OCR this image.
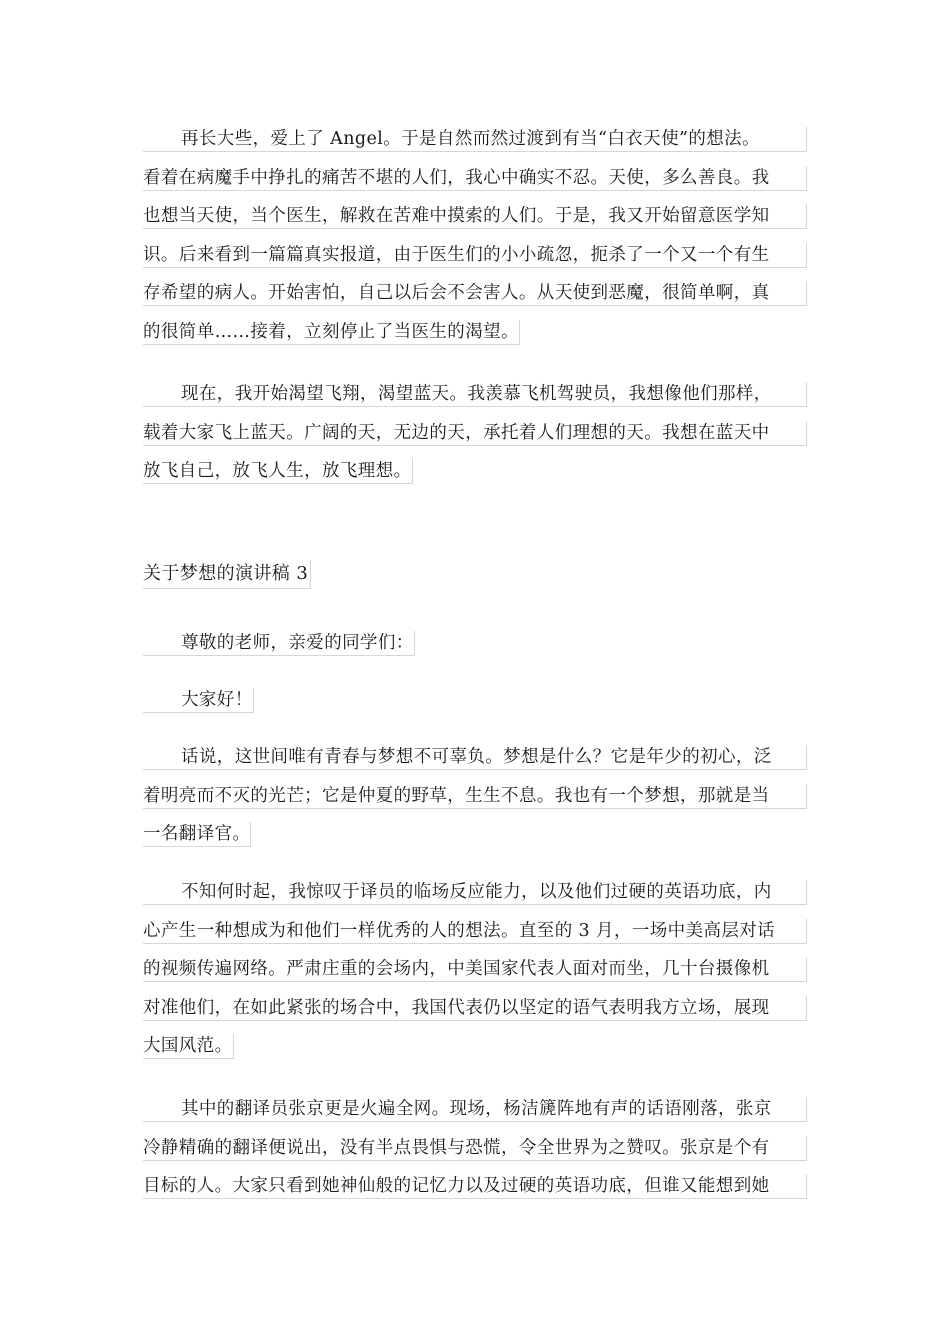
再长大些，爱上了 Angel。于是自然而然过渡到有当“白衣天使”的想法。
看着在病魔手中挣扎的痛苦不堪的人们，我心中确实不忍。天使，多么善良。我
也想当天使，当个医生，解救在苦难中摸索的人们。于是，我又开始留意医学知
识。后来看到一篇篇真实报道，由于医生们的小小疏忽，扼杀了一个又一个有生
存希望的病人。开始害怕，自己以后会不会害人。从天使到恶魔，很简单啊，真
的很简单……接着，立刻停止了当医生的渴望。
现在，我开始渴望飞翔，渴望蓝天。我羡慕飞机驾驶员，我想像他们那样，
载着大家飞上蓝天。广阔的天，无边的天，承托着人们理想的天。我想在蓝天中
放飞自己，放飞人生，放飞理想。
关于梦想的演讲稿 3
尊敬的老师，亲爱的同学们：
大家好！
话说，这世间唯有青春与梦想不可辜负。梦想是什么？它是年少的初心，泛
着明亮而不灭的光芒；它是仲夏的野草，生生不息。我也有一个梦想，那就是当
一名翻译官。
不知何时起，我惊叹于译员的临场反应能力，以及他们过硬的英语功底，内
心产生一种想成为和他们一样优秀的人的想法。直至的 3 月，一场中美高层对话
的视频传遍网络。严肃庄重的会场内，中美国家代表人面对而坐，几十台摄像机
对准他们，在如此紧张的场合中，我国代表仍以坚定的语气表明我方立场，展现
大国风范。
其中的翻译员张京更是火遍全网。现场，杨洁篪阵地有声的话语刚落，张京
冷静精确的翻译便说出，没有半点畏惧与恐慌，令全世界为之赞叹。张京是个有
目标的人。大家只看到她神仙般的记忆力以及过硬的英语功底，但谁又能想到她
